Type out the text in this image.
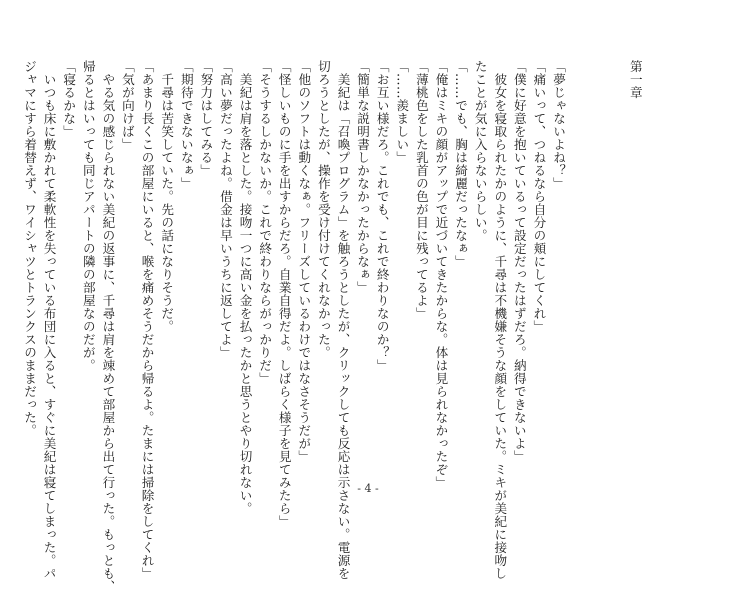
第一章

「夢じゃないよね？」
「痛いって、つねるなら自分の頬にしてくれ」
「僕に好意を抱いているって設定だったはずだろ。納得できないよ」
　彼女を寝取られたかのように、千尋は不機嫌そうな顔をしていた。ミキが美紀に接吻し
たことが気に入らないらしい。
「……でも、胸は綺麗だったなぁ」
「俺はミキの顔がアップで近づいてきたからな。体は見られなかったぞ」
「薄桃色をした乳首の色が目に残ってるよ」
「……羨ましい」
「お互い様だろ。これでも、これで終わりなのか？」
「簡単な説明書しかなかったからなぁ」
　美紀は「召喚プログラム」を触ろうとしたが、クリックしても反応は示さない。電源を
切ろうとしたが、操作を受け付けてくれなかった。
「他のソフトは動くなぁ。フリーズしているわけではなさそうだが」
「怪しいものに手を出すからだろ。自業自得だよ。しばらく様子を見てみたら」
「そうするしかないか。これで終わりならがっかりだ」
　美紀は肩を落とした。接吻一つに高い金を払ったかと思うとやり切れない。
「高い夢だったよね。借金は早いうちに返してよ」
「努力はしてみる」
「期待できないなぁ」
　千尋は苦笑していた。先の話になりそうだ。
「あまり長くこの部屋にいると、喉を痛めそうだから帰るよ。たまには掃除をしてくれ」
「気が向けば」
　やる気の感じられない美紀の返事に、千尋は肩を竦めて部屋から出て行った。もっとも、
帰るとはいっても同じアパートの隣の部屋なのだが。
「寝るかな」
　いつも床に敷かれて柔軟性を失っている布団に入ると、すぐに美紀は寝てしまった。パ
ジャマにすら着替えず、ワイシャツとトランクスのままだった。

- 4 -
